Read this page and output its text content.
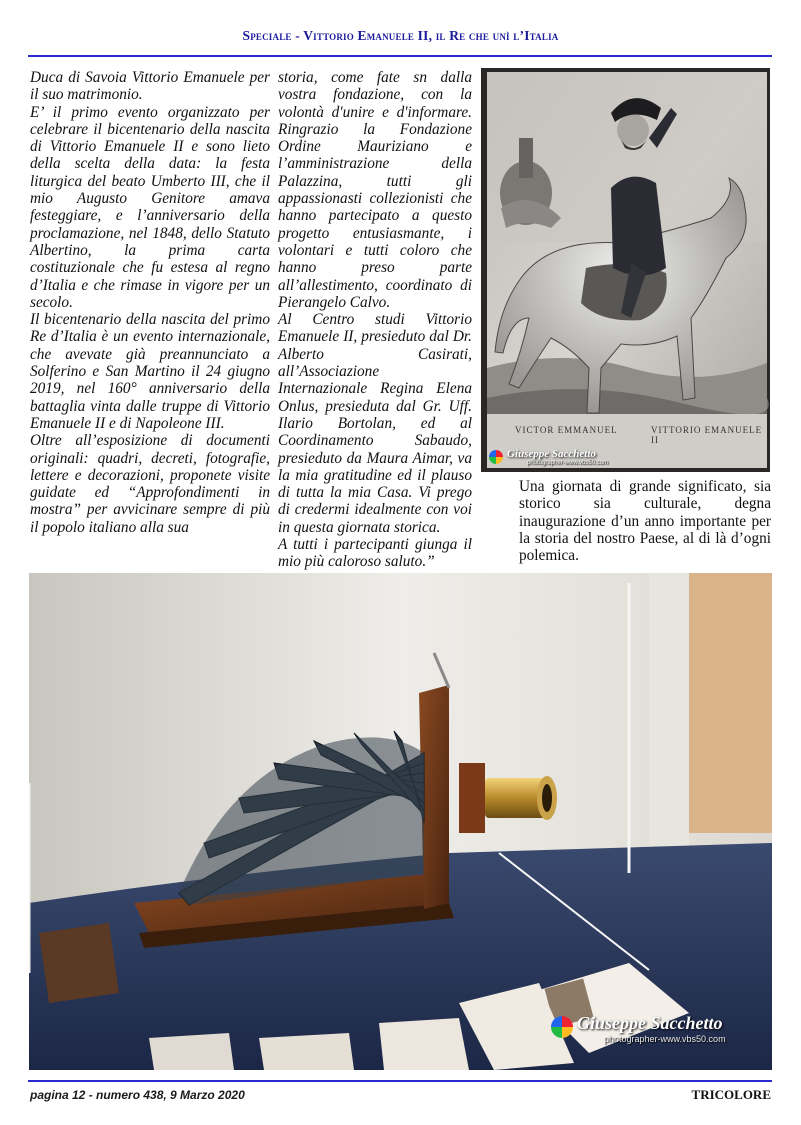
Speciale - Vittorio Emanuele II, il Re che unì l’Italia

Duca di Savoia Vittorio Emanuele per il suo matrimonio.

E’ il primo evento organizzato per celebrare il bicentenario della nascita di Vittorio Emanuele II e sono lieto della scelta della data: la festa liturgica del beato Umberto III, che il mio Augusto Genitore amava festeggiare, e l’anniversario della proclamazione, nel 1848, dello Statuto Albertino, la prima carta costituzionale che fu estesa al regno d’Italia e che rimase in vigore per un secolo.

Il bicentenario della nascita del primo Re d’Italia è un evento internazionale, che avevate già preannunciato a Solferino e San Martino il 24 giugno 2019, nel 160° anniversario della battaglia vinta dalle truppe di Vittorio Emanuele II e di Napoleone III.

Oltre all’esposizione di documenti originali: quadri, decreti, fotografie, lettere e decorazioni, proponete visite guidate ed “Approfondimenti in mostra” per avvicinare sempre di più il popolo italiano alla sua

storia, come fate sn dalla vostra fondazione, con la volontà d'unire e d'informare. Ringrazio la Fondazione Ordine Mauriziano e l’amministrazione della Palazzina, tutti gli appassionasti collezionisti che hanno partecipato a questo progetto entusiasmante, i volontari e tutti coloro che hanno preso parte all’allestimento, coordinato di Pierangelo Calvo.

Al Centro studi Vittorio Emanuele II, presieduto dal Dr. Alberto Casirati, all’Associazione Internazionale Regina Elena Onlus, presieduta dal Gr. Uff. Ilario Bortolan, ed al Coordinamento Sabaudo, presieduto da Maura Aimar, va la mia gratitudine ed il plauso di tutta la mia Casa. Vi prego di credermi idealmente con voi in questa giornata storica.

A tutti i partecipanti giunga il mio più caloroso saluto.”

VICTOR EMMANUEL	VITTORIO EMANUELE II
Giuseppe Sacchetto
photographer-www.vbs50.com

Una giornata di grande significato, sia storico sia culturale, degna inaugurazione d’un anno importante per la storia del nostro Paese, al di là d’ogni polemica.

Giuseppe Sacchetto
photographer-www.vbs50.com
pagina 12 - numero 438, 9 Marzo 2020	TRICOLORE
